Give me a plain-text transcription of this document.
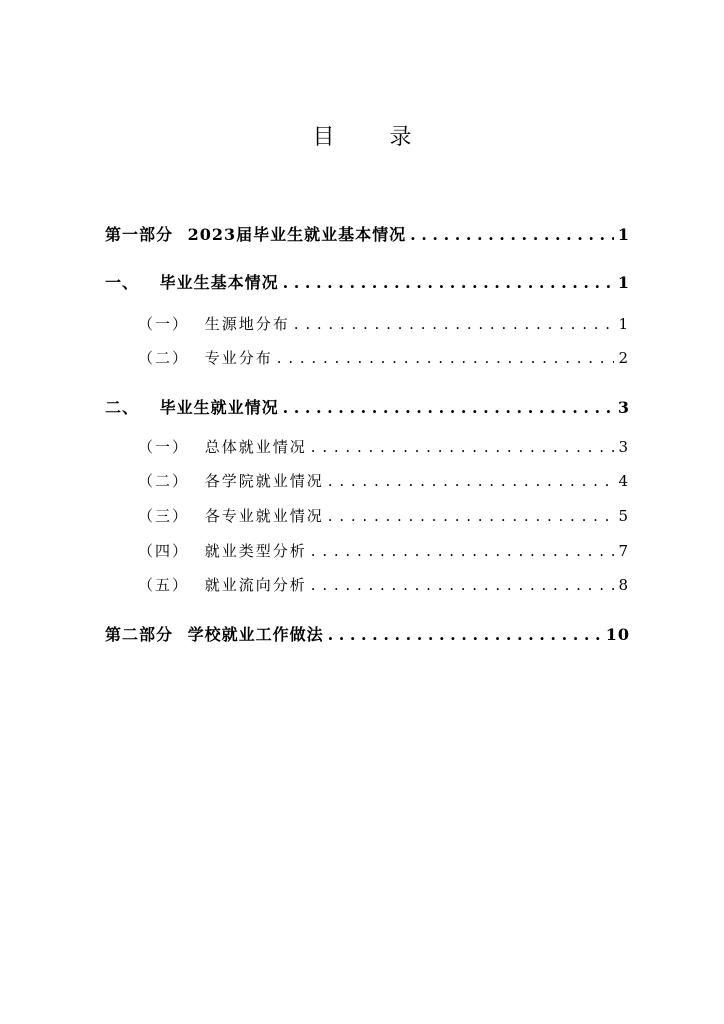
目 录
第一部分 2023届毕业生就业基本情况 . . .	1
一、 毕业生基本情况 . . .	1
（一） 生源地分布 . . .	1
（二） 专业分布 . . .	2
二、 毕业生就业情况 . . .	3
（一） 总体就业情况 . . .	3
（二） 各学院就业情况 . . .	4
（三） 各专业就业情况 . . .	5
（四） 就业类型分析 . . .	7
（五） 就业流向分析 . . .	8
第二部分 学校就业工作做法 . . .	10
